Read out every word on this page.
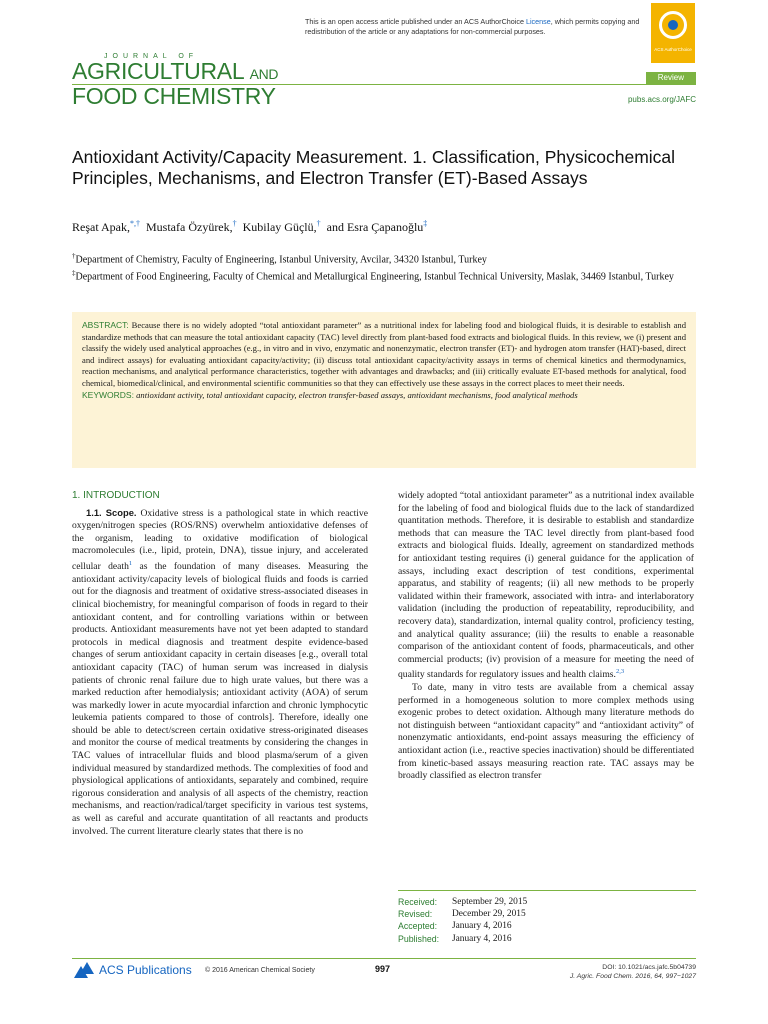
This is an open access article published under an ACS AuthorChoice License, which permits copying and redistribution of the article or any adaptations for non-commercial purposes.
ACS AuthorChoice
JOURNAL OF
AGRICULTURAL AND
FOOD CHEMISTRY
Review
pubs.acs.org/JAFC
Antioxidant Activity/Capacity Measurement. 1. Classification, Physicochemical Principles, Mechanisms, and Electron Transfer (ET)-Based Assays
Reşat Apak,*,† Mustafa Özyürek,† Kubilay Güçlü,† and Esra Çapanoğlu‡
†Department of Chemistry, Faculty of Engineering, Istanbul University, Avcilar, 34320 Istanbul, Turkey
‡Department of Food Engineering, Faculty of Chemical and Metallurgical Engineering, Istanbul Technical University, Maslak, 34469 Istanbul, Turkey
ABSTRACT: Because there is no widely adopted “total antioxidant parameter” as a nutritional index for labeling food and biological fluids, it is desirable to establish and standardize methods that can measure the total antioxidant capacity (TAC) level directly from plant-based food extracts and biological fluids. In this review, we (i) present and classify the widely used analytical approaches (e.g., in vitro and in vivo, enzymatic and nonenzymatic, electron transfer (ET)- and hydrogen atom transfer (HAT)-based, direct and indirect assays) for evaluating antioxidant capacity/activity; (ii) discuss total antioxidant capacity/activity assays in terms of chemical kinetics and thermodynamics, reaction mechanisms, and analytical performance characteristics, together with advantages and drawbacks; and (iii) critically evaluate ET-based methods for analytical, food chemical, biomedical/clinical, and environmental scientific communities so that they can effectively use these assays in the correct places to meet their needs.
KEYWORDS: antioxidant activity, total antioxidant capacity, electron transfer-based assays, antioxidant mechanisms, food analytical methods
1. INTRODUCTION
1.1. Scope. Oxidative stress is a pathological state in which reactive oxygen/nitrogen species (ROS/RNS) overwhelm antioxidative defenses of the organism, leading to oxidative modification of biological macromolecules (i.e., lipid, protein, DNA), tissue injury, and accelerated cellular death$^1$ as the foundation of many diseases. Measuring the antioxidant activity/capacity levels of biological fluids and foods is carried out for the diagnosis and treatment of oxidative stress-associated diseases in clinical biochemistry, for meaningful comparison of foods in regard to their antioxidant content, and for controlling variations within or between products. Antioxidant measurements have not yet been adapted to standard protocols in medical diagnosis and treatment despite evidence-based changes of serum antioxidant capacity in certain diseases [e.g., overall total antioxidant capacity (TAC) of human serum was increased in dialysis patients of chronic renal failure due to high urate values, but there was a marked reduction after hemodialysis; antioxidant activity (AOA) of serum was markedly lower in acute myocardial infarction and chronic lymphocytic leukemia patients compared to those of controls]. Therefore, ideally one should be able to detect/screen certain oxidative stress-originated diseases and monitor the course of medical treatments by considering the changes in TAC values of intracellular fluids and blood plasma/serum of a given individual measured by standardized methods. The complexities of food and physiological applications of antioxidants, separately and combined, require rigorous consideration and analysis of all aspects of the chemistry, reaction mechanisms, and reaction/radical/target specificity in various test systems, as well as careful and accurate quantitation of all reactants and products involved. The current literature clearly states that there is no
widely adopted “total antioxidant parameter” as a nutritional index available for the labeling of food and biological fluids due to the lack of standardized quantitation methods. Therefore, it is desirable to establish and standardize methods that can measure the TAC level directly from plant-based food extracts and biological fluids. Ideally, agreement on standardized methods for antioxidant testing requires (i) general guidance for the application of assays, including exact description of test conditions, experimental apparatus, and stability of reagents; (ii) all new methods to be properly validated within their framework, associated with intra- and interlaboratory validation (including the production of repeatability, reproducibility, and recovery data), standardization, internal quality control, proficiency testing, and analytical quality assurance; (iii) the results to enable a reasonable comparison of the antioxidant content of foods, pharmaceuticals, and other commercial products; (iv) provision of a measure for meeting the need of quality standards for regulatory issues and health claims.$^{2,3}$
To date, many in vitro tests are available from a chemical assay performed in a homogeneous solution to more complex methods using exogenic probes to detect oxidation. Although many literature methods do not distinguish between “antioxidant capacity” and “antioxidant activity” of nonenzymatic antioxidants, end-point assays measuring the efficiency of antioxidant action (i.e., reactive species inactivation) should be differentiated from kinetic-based assays measuring reaction rate. TAC assays may be broadly classified as electron transfer
Received:	September 29, 2015
Revised:	December 29, 2015
Accepted:	January 4, 2016
Published:	January 4, 2016
ACS Publications © 2016 American Chemical Society	997	DOI: 10.1021/acs.jafc.5b04739
J. Agric. Food Chem. 2016, 64, 997−1027
